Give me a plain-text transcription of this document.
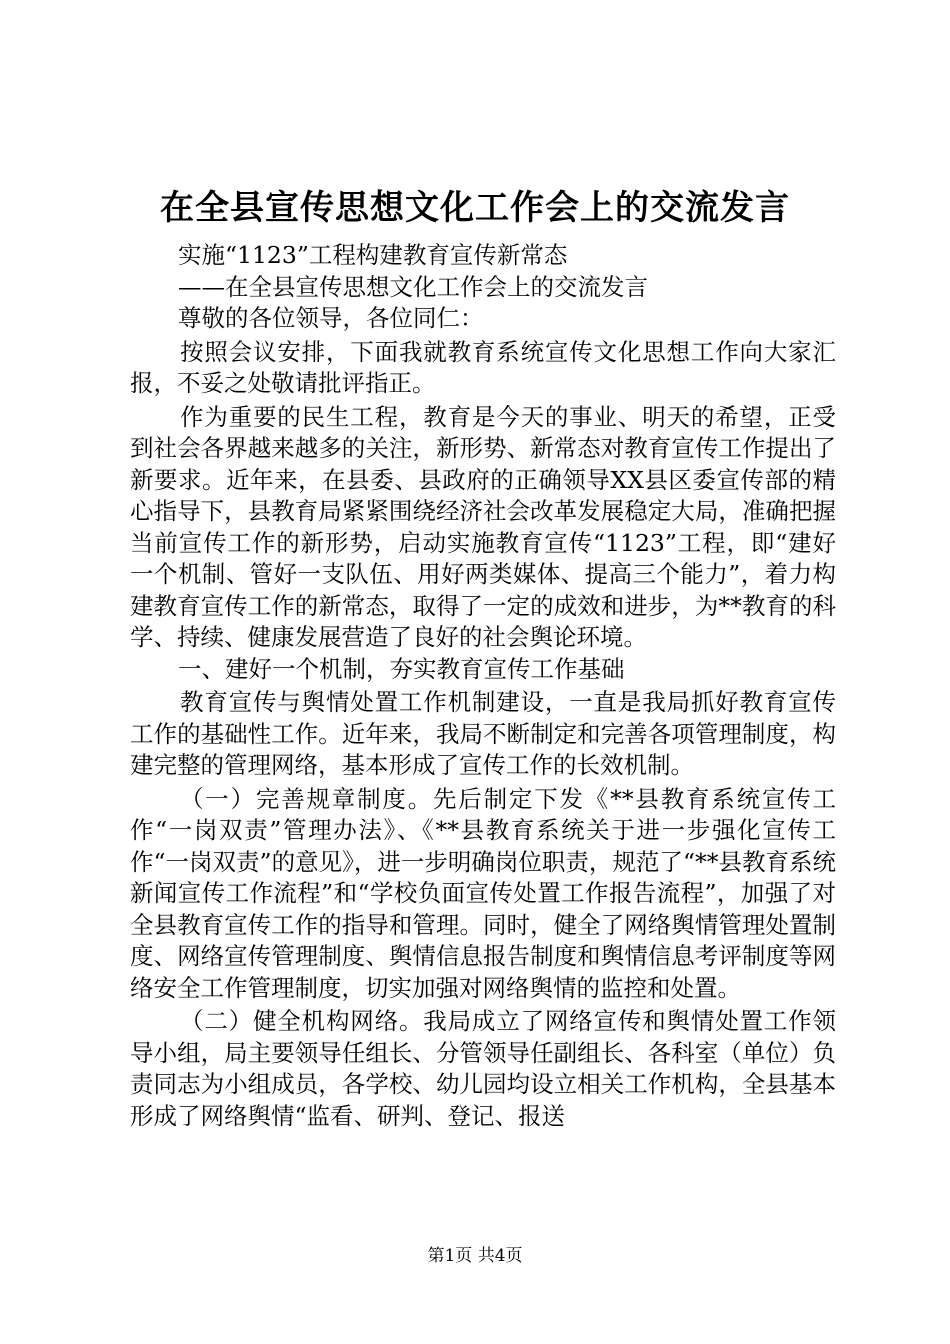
在全县宣传思想文化工作会上的交流发言
实施“1123”工程构建教育宣传新常态
——在全县宣传思想文化工作会上的交流发言
尊敬的各位领导，各位同仁：

按照会议安排，下面我就教育系统宣传文化思想工作向大家汇报，不妥之处敬请批评指正。

作为重要的民生工程，教育是今天的事业、明天的希望，正受到社会各界越来越多的关注，新形势、新常态对教育宣传工作提出了新要求。近年来，在县委、县政府的正确领导XX县区委宣传部的精心指导下，县教育局紧紧围绕经济社会改革发展稳定大局，准确把握当前宣传工作的新形势，启动实施教育宣传“1123”工程，即“建好一个机制、管好一支队伍、用好两类媒体、提高三个能力”，着力构建教育宣传工作的新常态，取得了一定的成效和进步，为**教育的科学、持续、健康发展营造了良好的社会舆论环境。

一、建好一个机制，夯实教育宣传工作基础

教育宣传与舆情处置工作机制建设，一直是我局抓好教育宣传工作的基础性工作。近年来，我局不断制定和完善各项管理制度，构建完整的管理网络，基本形成了宣传工作的长效机制。

（一）完善规章制度。先后制定下发《**县教育系统宣传工作“一岗双责”管理办法》、《**县教育系统关于进一步强化宣传工作“一岗双责”的意见》，进一步明确岗位职责，规范了“**县教育系统新闻宣传工作流程”和“学校负面宣传处置工作报告流程”，加强了对全县教育宣传工作的指导和管理。同时，健全了网络舆情管理处置制度、网络宣传管理制度、舆情信息报告制度和舆情信息考评制度等网络安全工作管理制度，切实加强对网络舆情的监控和处置。

（二）健全机构网络。我局成立了网络宣传和舆情处置工作领导小组，局主要领导任组长、分管领导任副组长、各科室（单位）负责同志为小组成员，各学校、幼儿园均设立相关工作机构，全县基本形成了网络舆情“监看、研判、登记、报送

第1页 共4页
